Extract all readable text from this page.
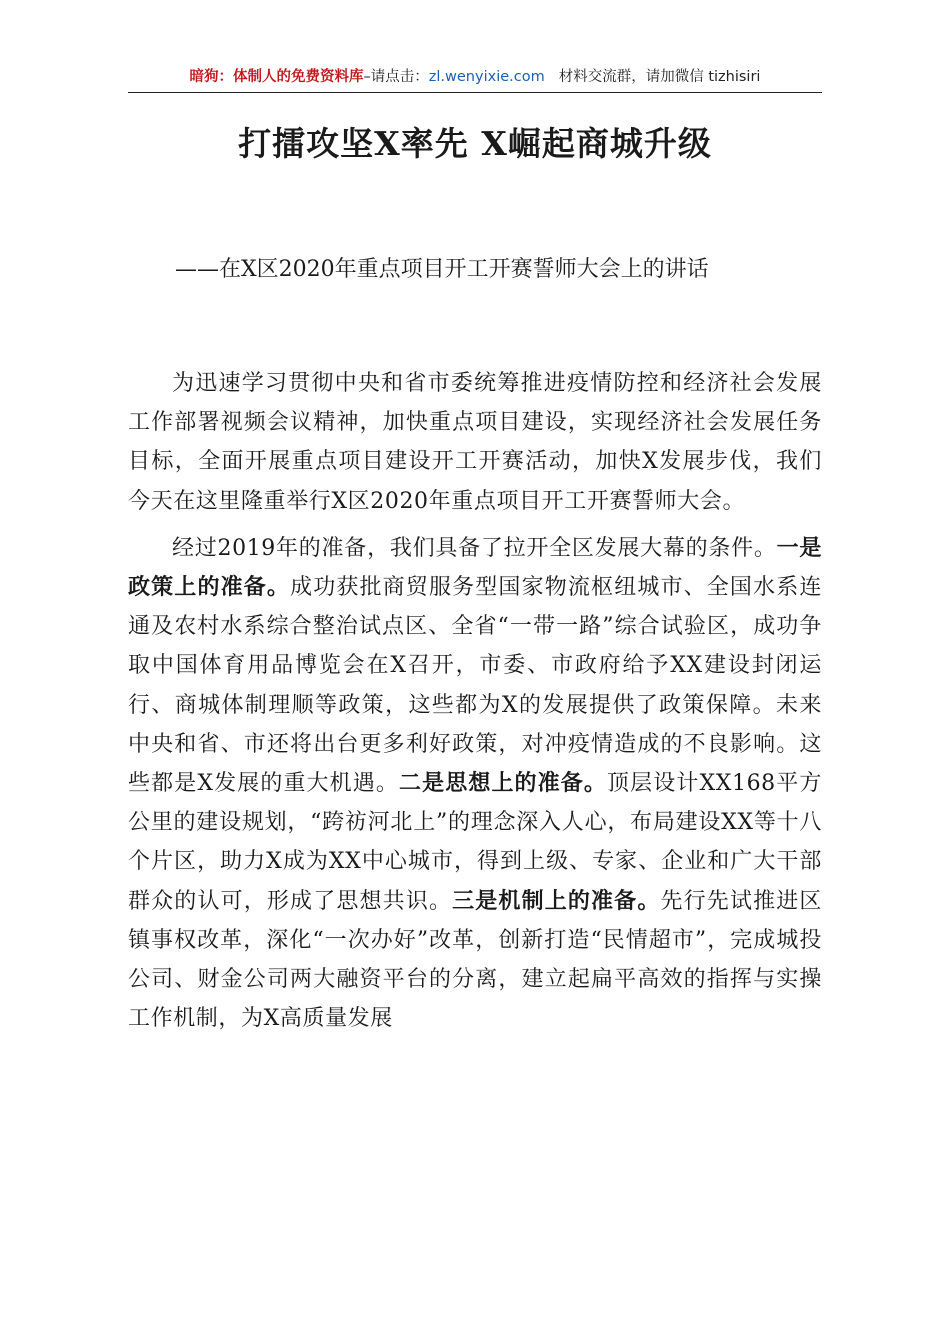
暗狗：体制人的免费资料库–请点击：zl.wenyixie.com 材料交流群，请加微信 tizhisiri
打擂攻坚X率先 X崛起商城升级
——在X区2020年重点项目开工开赛誓师大会上的讲话

为迅速学习贯彻中央和省市委统筹推进疫情防控和经济社会发展工作部署视频会议精神，加快重点项目建设，实现经济社会发展任务目标，全面开展重点项目建设开工开赛活动，加快X发展步伐，我们今天在这里隆重举行X区2020年重点项目开工开赛誓师大会。

经过2019年的准备，我们具备了拉开全区发展大幕的条件。一是政策上的准备。成功获批商贸服务型国家物流枢纽城市、全国水系连通及农村水系综合整治试点区、全省“一带一路”综合试验区，成功争取中国体育用品博览会在X召开，市委、市政府给予XX建设封闭运行、商城体制理顺等政策，这些都为X的发展提供了政策保障。未来中央和省、市还将出台更多利好政策，对冲疫情造成的不良影响。这些都是X发展的重大机遇。二是思想上的准备。顶层设计XX168平方公里的建设规划，“跨祊河北上”的理念深入人心，布局建设XX等十八个片区，助力X成为XX中心城市，得到上级、专家、企业和广大干部群众的认可，形成了思想共识。三是机制上的准备。先行先试推进区镇事权改革，深化“一次办好”改革，创新打造“民情超市”，完成城投公司、财金公司两大融资平台的分离，建立起扁平高效的指挥与实操工作机制，为X高质量发展
